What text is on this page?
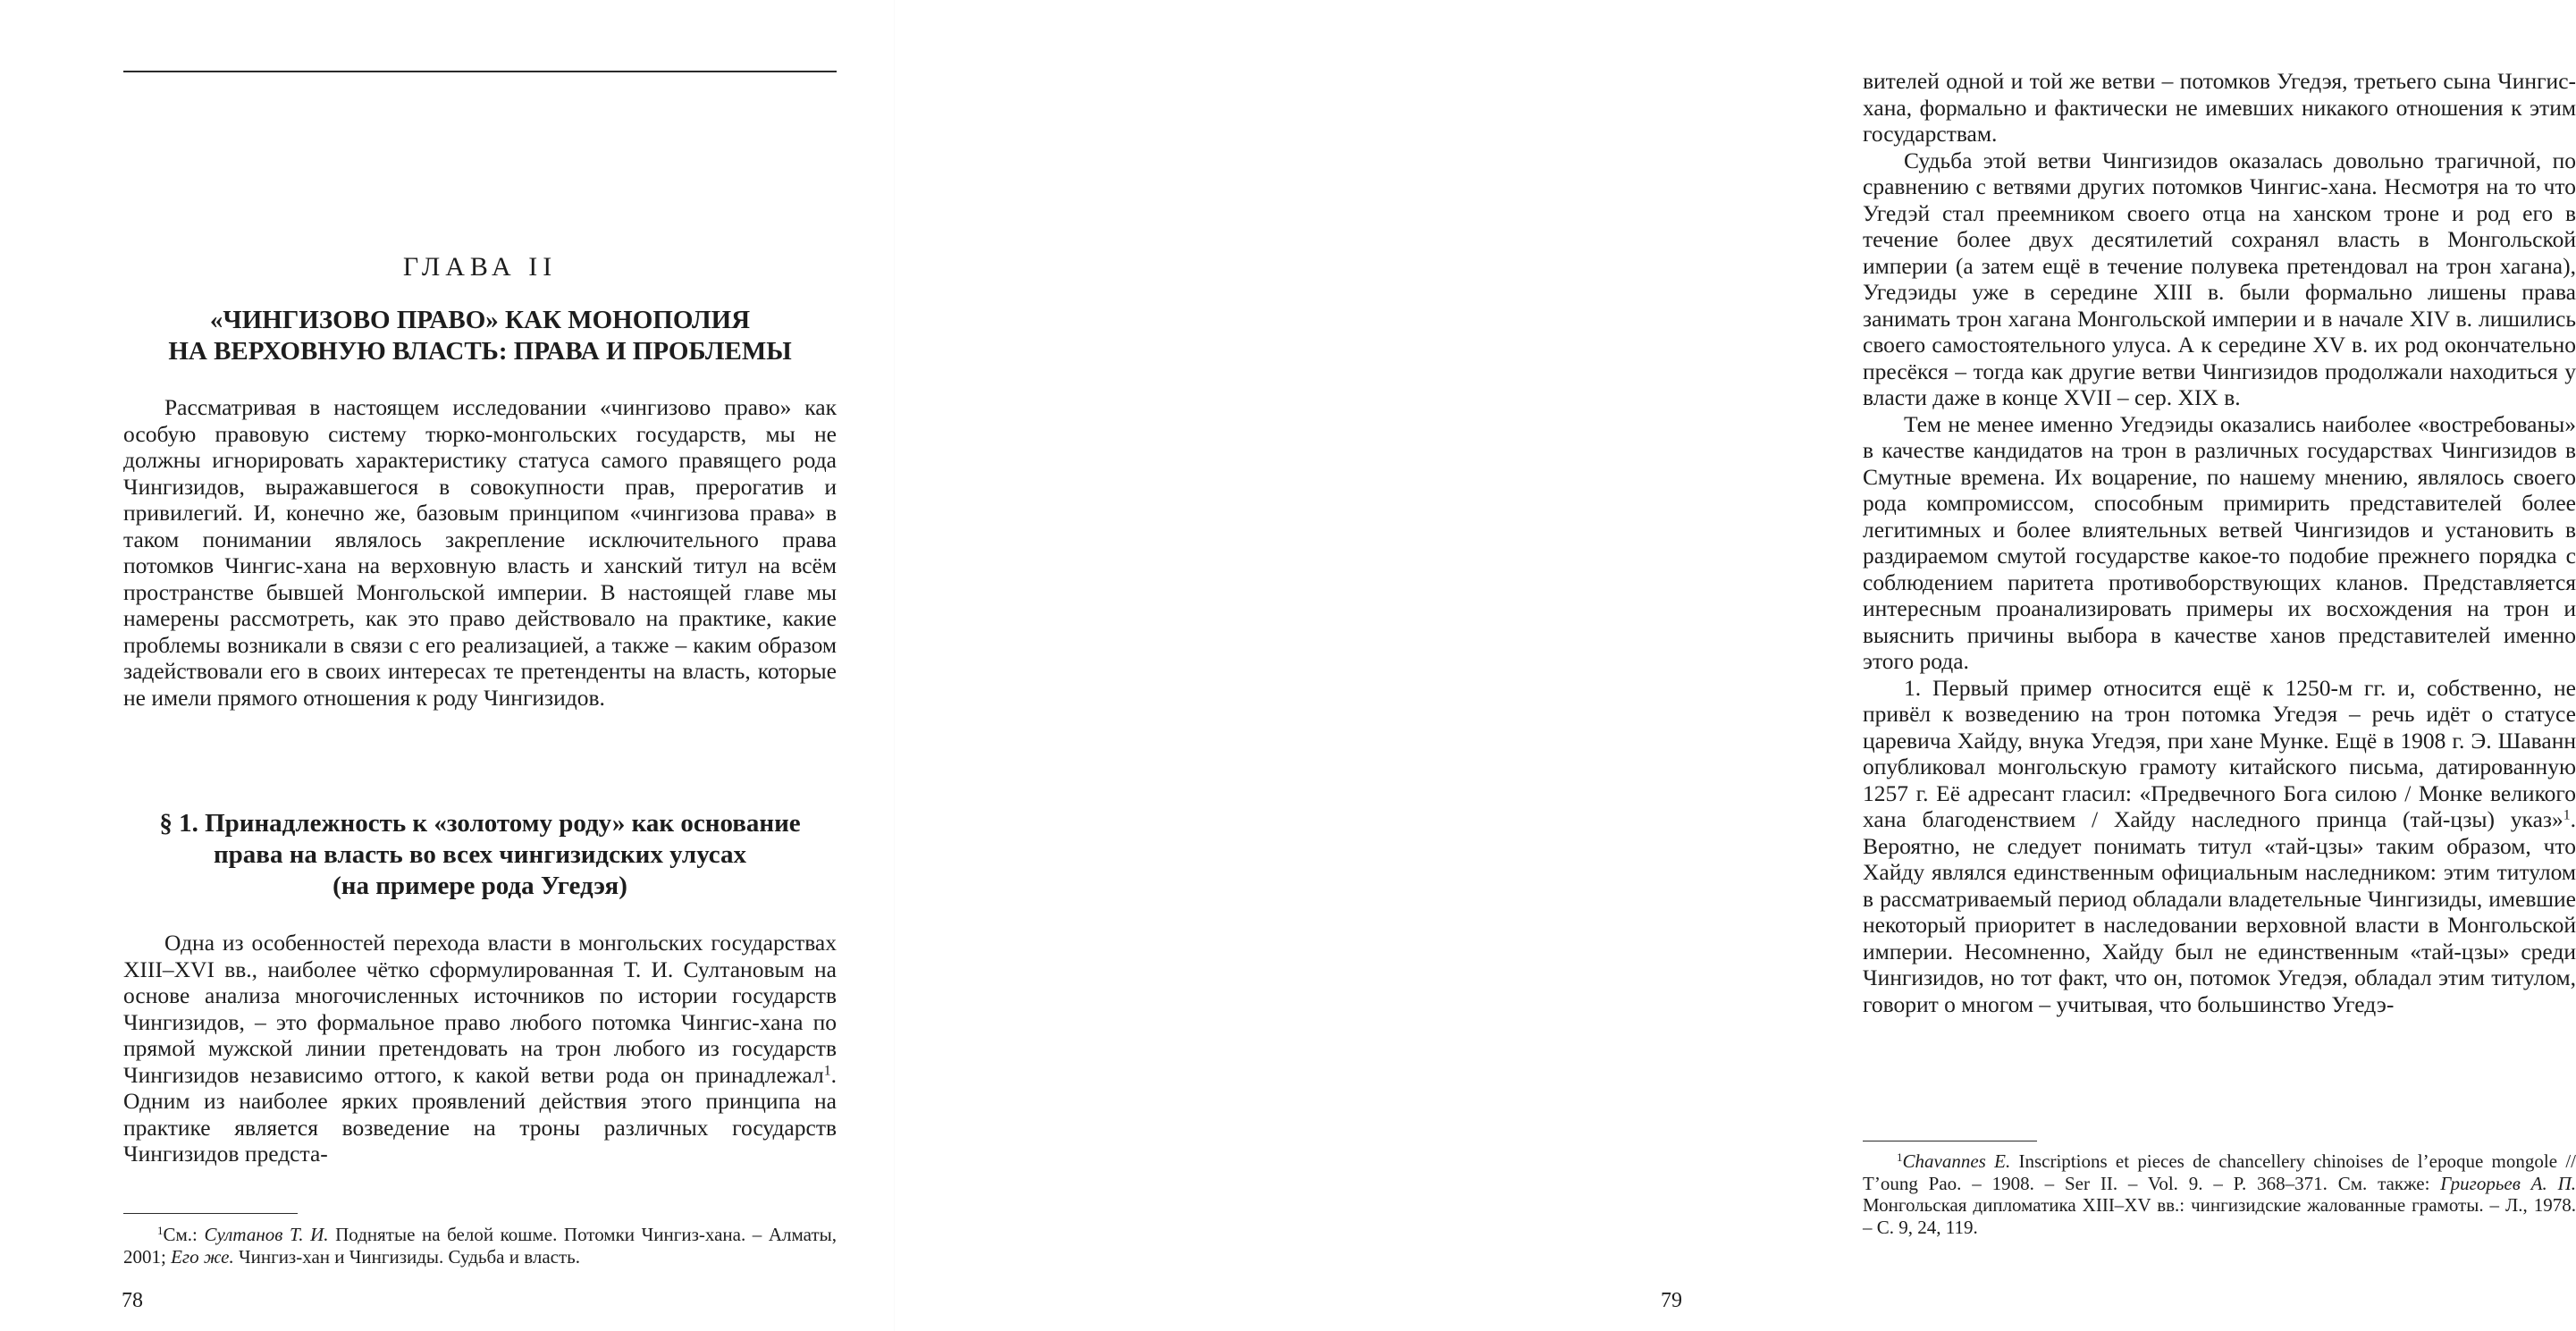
ГЛАВА II
«ЧИНГИЗОВО ПРАВО» КАК МОНОПОЛИЯ
НА ВЕРХОВНУЮ ВЛАСТЬ: ПРАВА И ПРОБЛЕМЫ

Рассматривая в настоящем исследовании «чингизово право» как особую правовую систему тюрко-монгольских государств, мы не должны игнорировать характеристику статуса самого правящего рода Чингизидов, выражавшегося в совокупности прав, прерогатив и привилегий. И, конечно же, базовым принципом «чингизова права» в таком понимании являлось закрепление исключительного права потомков Чингис-хана на верховную власть и ханский титул на всём пространстве бывшей Монгольской империи. В настоящей главе мы намерены рассмотреть, как это право действовало на практике, какие проблемы возникали в связи с его реализацией, а также – каким образом задействовали его в своих интересах те претенденты на власть, которые не имели прямого отношения к роду Чингизидов.

§ 1. Принадлежность к «золотому роду» как основание
права на власть во всех чингизидских улусах
(на примере рода Угедэя)

Одна из особенностей перехода власти в монгольских государствах XIII–XVI вв., наиболее чётко сформулированная Т. И. Султановым на основе анализа многочисленных источников по истории государств Чингизидов, – это формальное право любого потомка Чингис-хана по прямой мужской линии претендовать на трон любого из государств Чингизидов независимо оттого, к какой ветви рода он принадлежал$^1$. Одним из наиболее ярких проявлений действия этого принципа на практике является возведение на троны различных государств Чингизидов предста-

$^1$См.: Султанов Т. И. Поднятые на белой кошме. Потомки Чингиз-хана. – Алматы, 2001; Его же. Чингиз-хан и Чингизиды. Судьба и власть.

78

вителей одной и той же ветви – потомков Угедэя, третьего сына Чингис-хана, формально и фактически не имевших никакого отношения к этим государствам.

Судьба этой ветви Чингизидов оказалась довольно трагичной, по сравнению с ветвями других потомков Чингис-хана. Несмотря на то что Угедэй стал преемником своего отца на ханском троне и род его в течение более двух десятилетий сохранял власть в Монгольской империи (а затем ещё в течение полувека претендовал на трон хагана), Угедэиды уже в середине XIII в. были формально лишены права занимать трон хагана Монгольской империи и в начале XIV в. лишились своего самостоятельного улуса. А к середине XV в. их род окончательно пресёкся – тогда как другие ветви Чингизидов продолжали находиться у власти даже в конце XVII – сер. XIX в.

Тем не менее именно Угедэиды оказались наиболее «востребованы» в качестве кандидатов на трон в различных государствах Чингизидов в Смутные времена. Их воцарение, по нашему мнению, являлось своего рода компромиссом, способным примирить представителей более легитимных и более влиятельных ветвей Чингизидов и установить в раздираемом смутой государстве какое-то подобие прежнего порядка с соблюдением паритета противоборствующих кланов. Представляется интересным проанализировать примеры их восхождения на трон и выяснить причины выбора в качестве ханов представителей именно этого рода.

1. Первый пример относится ещё к 1250-м гг. и, собственно, не привёл к возведению на трон потомка Угедэя – речь идёт о статусе царевича Хайду, внука Угедэя, при хане Мунке. Ещё в 1908 г. Э. Шаванн опубликовал монгольскую грамоту китайского письма, датированную 1257 г. Её адресант гласил: «Предвечного Бога силою / Монке великого хана благоденствием / Хайду наследного принца (тай-цзы) указ»$^1$. Вероятно, не следует понимать титул «тай-цзы» таким образом, что Хайду являлся единственным официальным наследником: этим титулом в рассматриваемый период обладали владетельные Чингизиды, имевшие некоторый приоритет в наследовании верховной власти в Монгольской империи. Несомненно, Хайду был не единственным «тай-цзы» среди Чингизидов, но тот факт, что он, потомок Угедэя, обладал этим титулом, говорит о многом – учитывая, что большинство Угедэ-

$^1$Chavannes E. Inscriptions et pieces de chancellery chinoises de l’epoque mongole // T’oung Pao. – 1908. – Ser II. – Vol. 9. – P. 368–371. См. также: Григорьев А. П. Монгольская дипломатика XIII–XV вв.: чингизидские жалованные грамоты. – Л., 1978. – С. 9, 24, 119.

79
